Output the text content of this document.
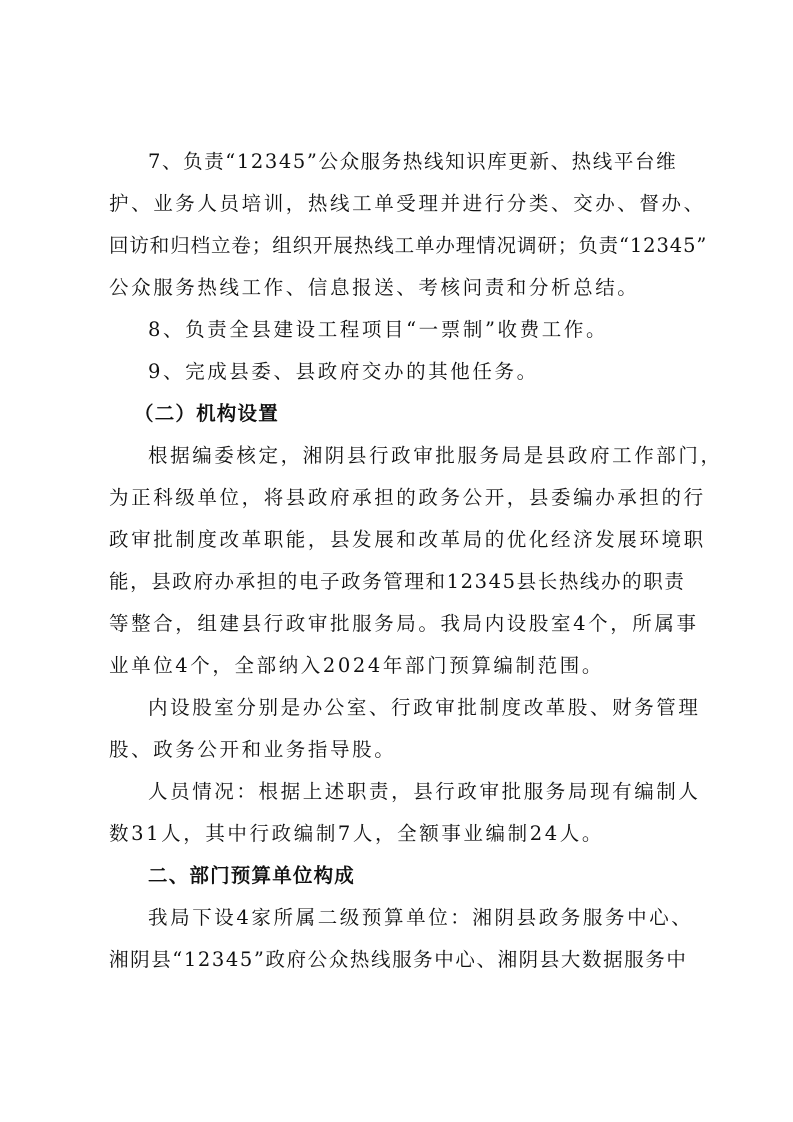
7、负责“12345”公众服务热线知识库更新、热线平台维
护、业务人员培训，热线工单受理并进行分类、交办、督办、
回访和归档立卷；组织开展热线工单办理情况调研；负责“12345”
公众服务热线工作、信息报送、考核问责和分析总结。
8、负责全县建设工程项目“一票制”收费工作。
9、完成县委、县政府交办的其他任务。
（二）机构设置
根据编委核定，湘阴县行政审批服务局是县政府工作部门，
为正科级单位，将县政府承担的政务公开，县委编办承担的行
政审批制度改革职能，县发展和改革局的优化经济发展环境职
能，县政府办承担的电子政务管理和12345县长热线办的职责
等整合，组建县行政审批服务局。我局内设股室4个，所属事
业单位4个，全部纳入2024年部门预算编制范围。
内设股室分别是办公室、行政审批制度改革股、财务管理
股、政务公开和业务指导股。
人员情况：根据上述职责，县行政审批服务局现有编制人
数31人，其中行政编制7人，全额事业编制24人。
二、部门预算单位构成
我局下设4家所属二级预算单位：湘阴县政务服务中心、
湘阴县“12345”政府公众热线服务中心、湘阴县大数据服务中
